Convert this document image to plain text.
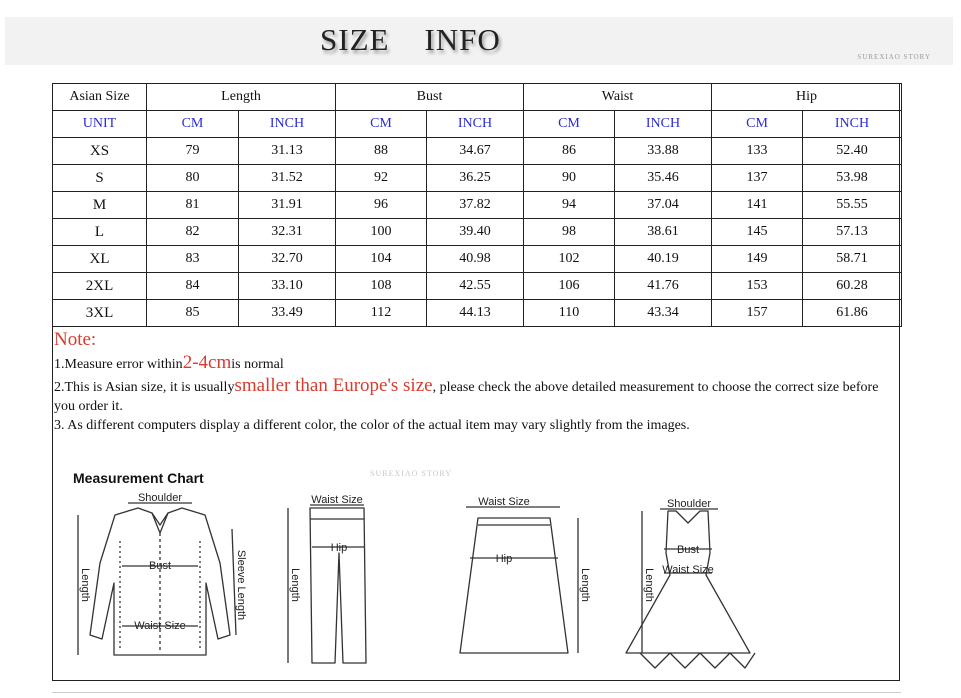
SIZE    INFO	SUREXIAO STORY
Asian Size	Length		Bust		Waist		Hip	
UNIT	CM	INCH	CM	INCH	CM	INCH	CM	INCH
XS	79	31.13	88	34.67	86	33.88	133	52.40
S	80	31.52	92	36.25	90	35.46	137	53.98
M	81	31.91	96	37.82	94	37.04	141	55.55
L	82	32.31	100	39.40	98	38.61	145	57.13
XL	83	32.70	104	40.98	102	40.19	149	58.71
2XL	84	33.10	108	42.55	106	41.76	153	60.28
3XL	85	33.49	112	44.13	110	43.34	157	61.86
Note:

1.Measure error within2-4cmis normal

2.This is Asian size, it is usuallysmaller than Europe's size, please check the above detailed measurement to choose the correct size before you order it.

3. As different computers display a different color, the color of the actual item may vary slightly from the images.

Measurement Chart	SUREXIAO STORY
Shoulder
Bust
Waist Size
Length	Sleeve Length
Waist Size
Hip
Length
Waist Size
Hip
Length
Shoulder
Bust
Waist Size
Length
